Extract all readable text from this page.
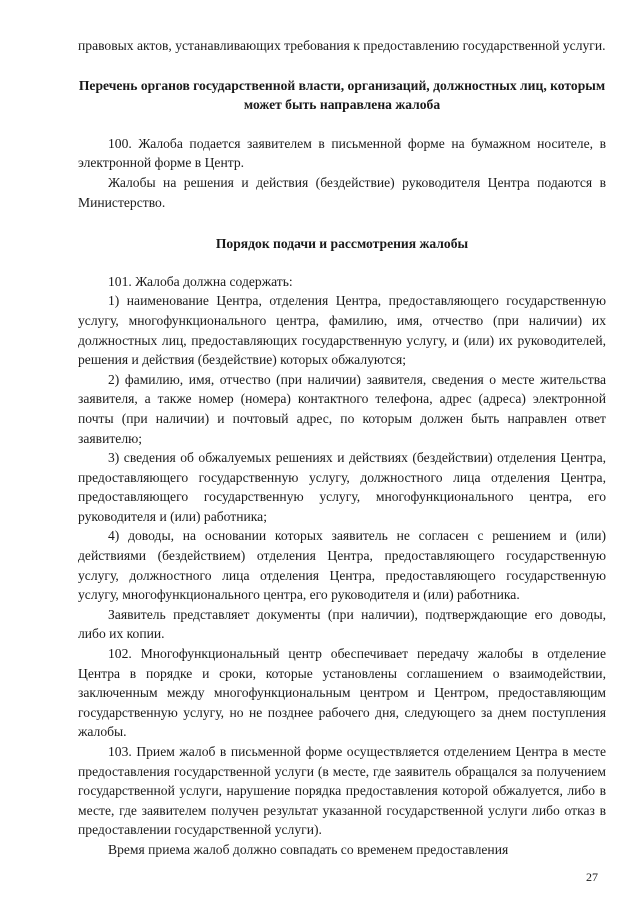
правовых актов, устанавливающих требования к предоставлению государственной услуги.

Перечень органов государственной власти, организаций, должностных лиц, которым может быть направлена жалоба

100. Жалоба подается заявителем в письменной форме на бумажном носителе, в электронной форме в Центр.

Жалобы на решения и действия (бездействие) руководителя Центра подаются в Министерство.

Порядок подачи и рассмотрения жалобы

101. Жалоба должна содержать:

1) наименование Центра, отделения Центра, предоставляющего государственную услугу, многофункционального центра, фамилию, имя, отчество (при наличии) их должностных лиц, предоставляющих государственную услугу, и (или) их руководителей, решения и действия (бездействие) которых обжалуются;

2) фамилию, имя, отчество (при наличии) заявителя, сведения о месте жительства заявителя, а также номер (номера) контактного телефона, адрес (адреса) электронной почты (при наличии) и почтовый адрес, по которым должен быть направлен ответ заявителю;

3) сведения об обжалуемых решениях и действиях (бездействии) отделения Центра, предоставляющего государственную услугу, должностного лица отделения Центра, предоставляющего государственную услугу, многофункционального центра, его руководителя и (или) работника;

4) доводы, на основании которых заявитель не согласен с решением и (или) действиями (бездействием) отделения Центра, предоставляющего государственную услугу, должностного лица отделения Центра, предоставляющего государственную услугу, многофункционального центра, его руководителя и (или) работника.

Заявитель представляет документы (при наличии), подтверждающие его доводы, либо их копии.

102. Многофункциональный центр обеспечивает передачу жалобы в отделение Центра в порядке и сроки, которые установлены соглашением о взаимодействии, заключенным между многофункциональным центром и Центром, предоставляющим государственную услугу, но не позднее рабочего дня, следующего за днем поступления жалобы.

103. Прием жалоб в письменной форме осуществляется отделением Центра в месте предоставления государственной услуги (в месте, где заявитель обращался за получением государственной услуги, нарушение порядка предоставления которой обжалуется, либо в месте, где заявителем получен результат указанной государственной услуги либо отказ в предоставлении государственной услуги).

Время приема жалоб должно совпадать со временем предоставления

27
